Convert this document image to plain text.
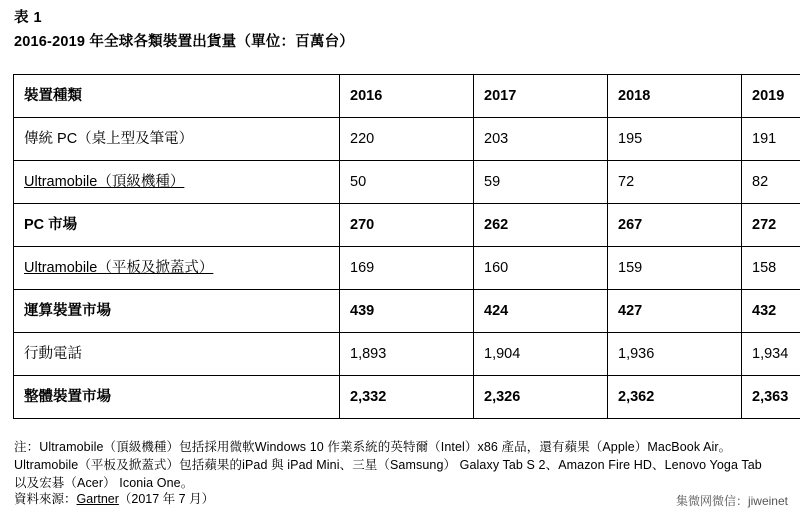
表 1
2016-2019 年全球各類裝置出貨量（單位：百萬台）
裝置種類	2016	2017	2018	2019
傳統 PC（桌上型及筆電）	220	203	195	191
Ultramobile（頂級機種）	50	59	72	82
PC 市場	270	262	267	272
Ultramobile（平板及掀蓋式）	169	160	159	158
運算裝置市場	439	424	427	432
行動電話	1,893	1,904	1,936	1,934
整體裝置市場	2,332	2,326	2,362	2,363
注：Ultramobile（頂級機種）包括採用微軟Windows 10 作業系統的英特爾（Intel）x86 產品，還有蘋果（Apple）MacBook Air。Ultramobile（平板及掀蓋式）包括蘋果的iPad 與 iPad Mini、三星（Samsung） Galaxy Tab S 2、Amazon Fire HD、Lenovo Yoga Tab 以及宏碁（Acer） Iconia One。
資料來源：Gartner（2017 年 7 月）	集微网微信：jiweinet
